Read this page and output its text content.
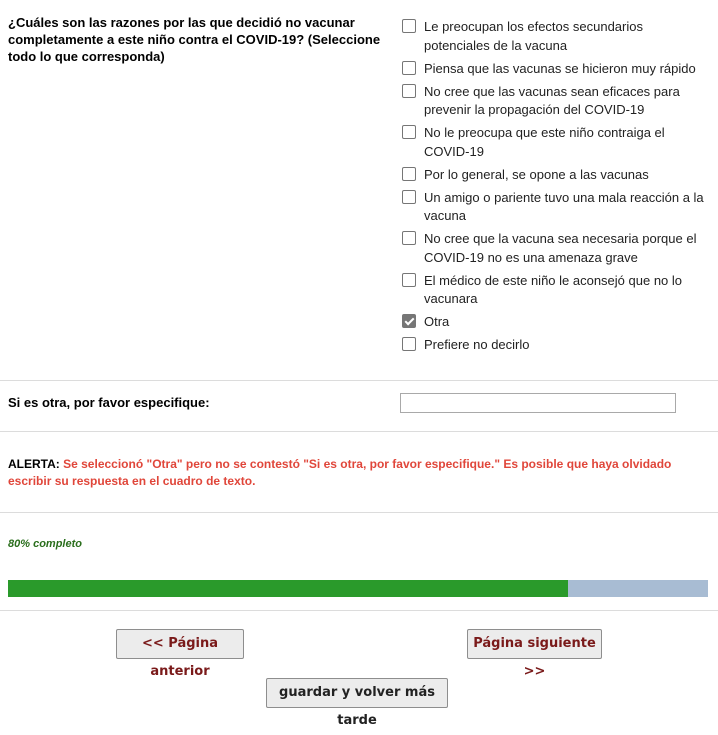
¿Cuáles son las razones por las que decidió no vacunar completamente a este niño contra el COVID-19? (Seleccione todo lo que corresponda)
Le preocupan los efectos secundarios potenciales de la vacuna
Piensa que las vacunas se hicieron muy rápido
No cree que las vacunas sean eficaces para prevenir la propagación del COVID-19
No le preocupa que este niño contraiga el COVID-19
Por lo general, se opone a las vacunas
Un amigo o pariente tuvo una mala reacción a la vacuna
No cree que la vacuna sea necesaria porque el COVID-19 no es una amenaza grave
El médico de este niño le aconsejó que no lo vacunara
Otra
Prefiere no decirlo
Si es otra, por favor especifique:
ALERTA: Se seleccionó "Otra" pero no se contestó "Si es otra, por favor especifique." Es posible que haya olvidado escribir su respuesta en el cuadro de texto.
80% completo
<< Página anterior
Página siguiente >>
guardar y volver más tarde
